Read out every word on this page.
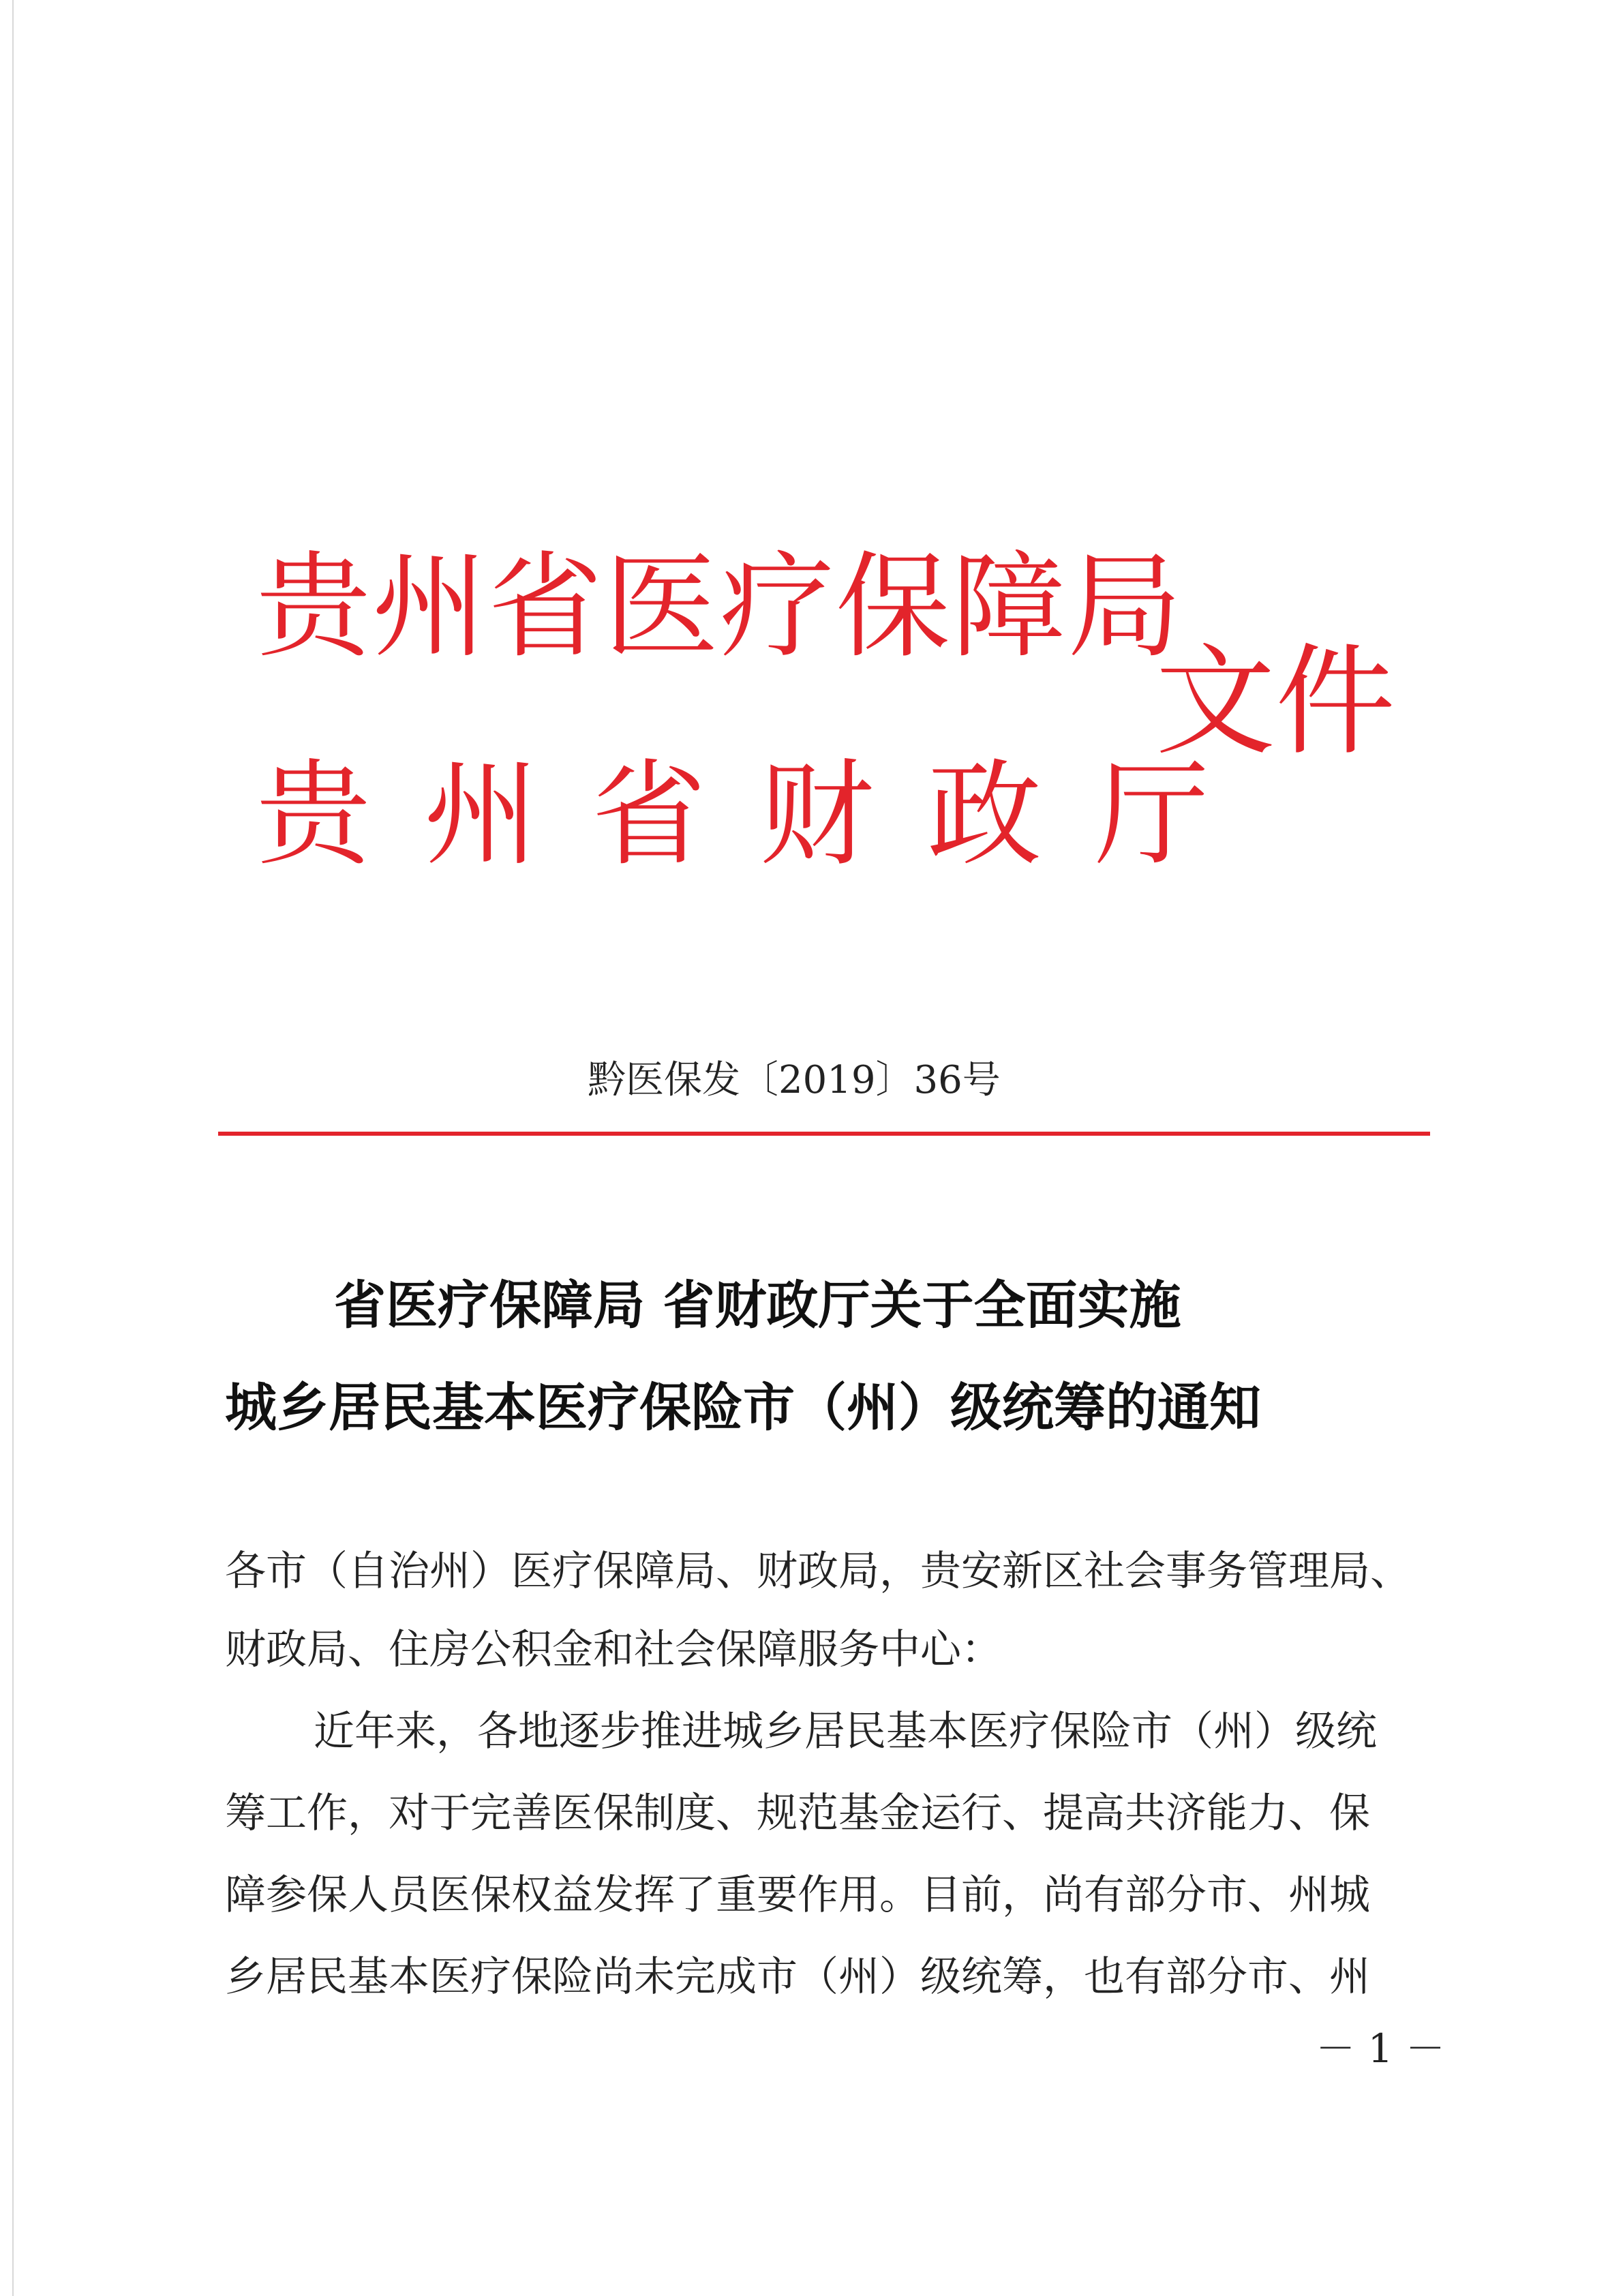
贵州省医疗保障局
贵州省财政厅
文件
黔医保发〔2019〕36号
省医疗保障局 省财政厅关于全面实施
城乡居民基本医疗保险市（州）级统筹的通知
各市（自治州）医疗保障局、财政局，贵安新区社会事务管理局、
财政局、住房公积金和社会保障服务中心：
近年来，各地逐步推进城乡居民基本医疗保险市（州）级统
筹工作，对于完善医保制度、规范基金运行、提高共济能力、保
障参保人员医保权益发挥了重要作用。目前，尚有部分市、州城
乡居民基本医疗保险尚未完成市（州）级统筹，也有部分市、州
－ 1 －
